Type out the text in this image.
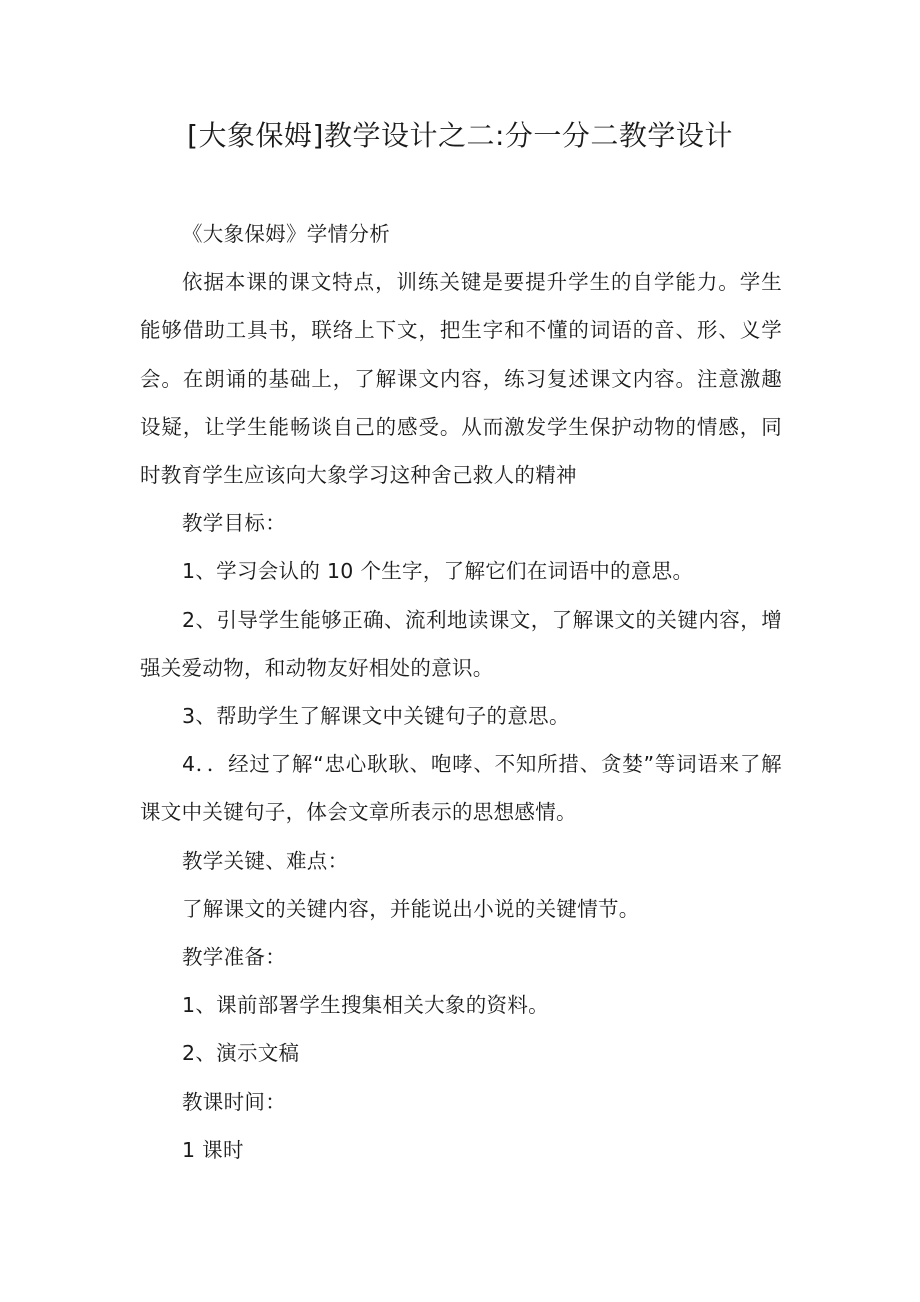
[大象保姆]教学设计之二:分一分二教学设计

《大象保姆》学情分析

依据本课的课文特点，训练关键是要提升学生的自学能力。学生能够借助工具书，联络上下文，把生字和不懂的词语的音、形、义学会。在朗诵的基础上，了解课文内容，练习复述课文内容。注意激趣设疑，让学生能畅谈自己的感受。从而激发学生保护动物的情感，同时教育学生应该向大象学习这种舍己救人的精神

教学目标：

1、学习会认的 10 个生字，了解它们在词语中的意思。

2、引导学生能够正确、流利地读课文，了解课文的关键内容，增强关爱动物，和动物友好相处的意识。

3、帮助学生了解课文中关键句子的意思。

4．．经过了解“忠心耿耿、咆哮、不知所措、贪婪”等词语来了解课文中关键句子，体会文章所表示的思想感情。

教学关键、难点：

了解课文的关键内容，并能说出小说的关键情节。

教学准备：

1、课前部署学生搜集相关大象的资料。

2、演示文稿

教课时间：

1 课时
